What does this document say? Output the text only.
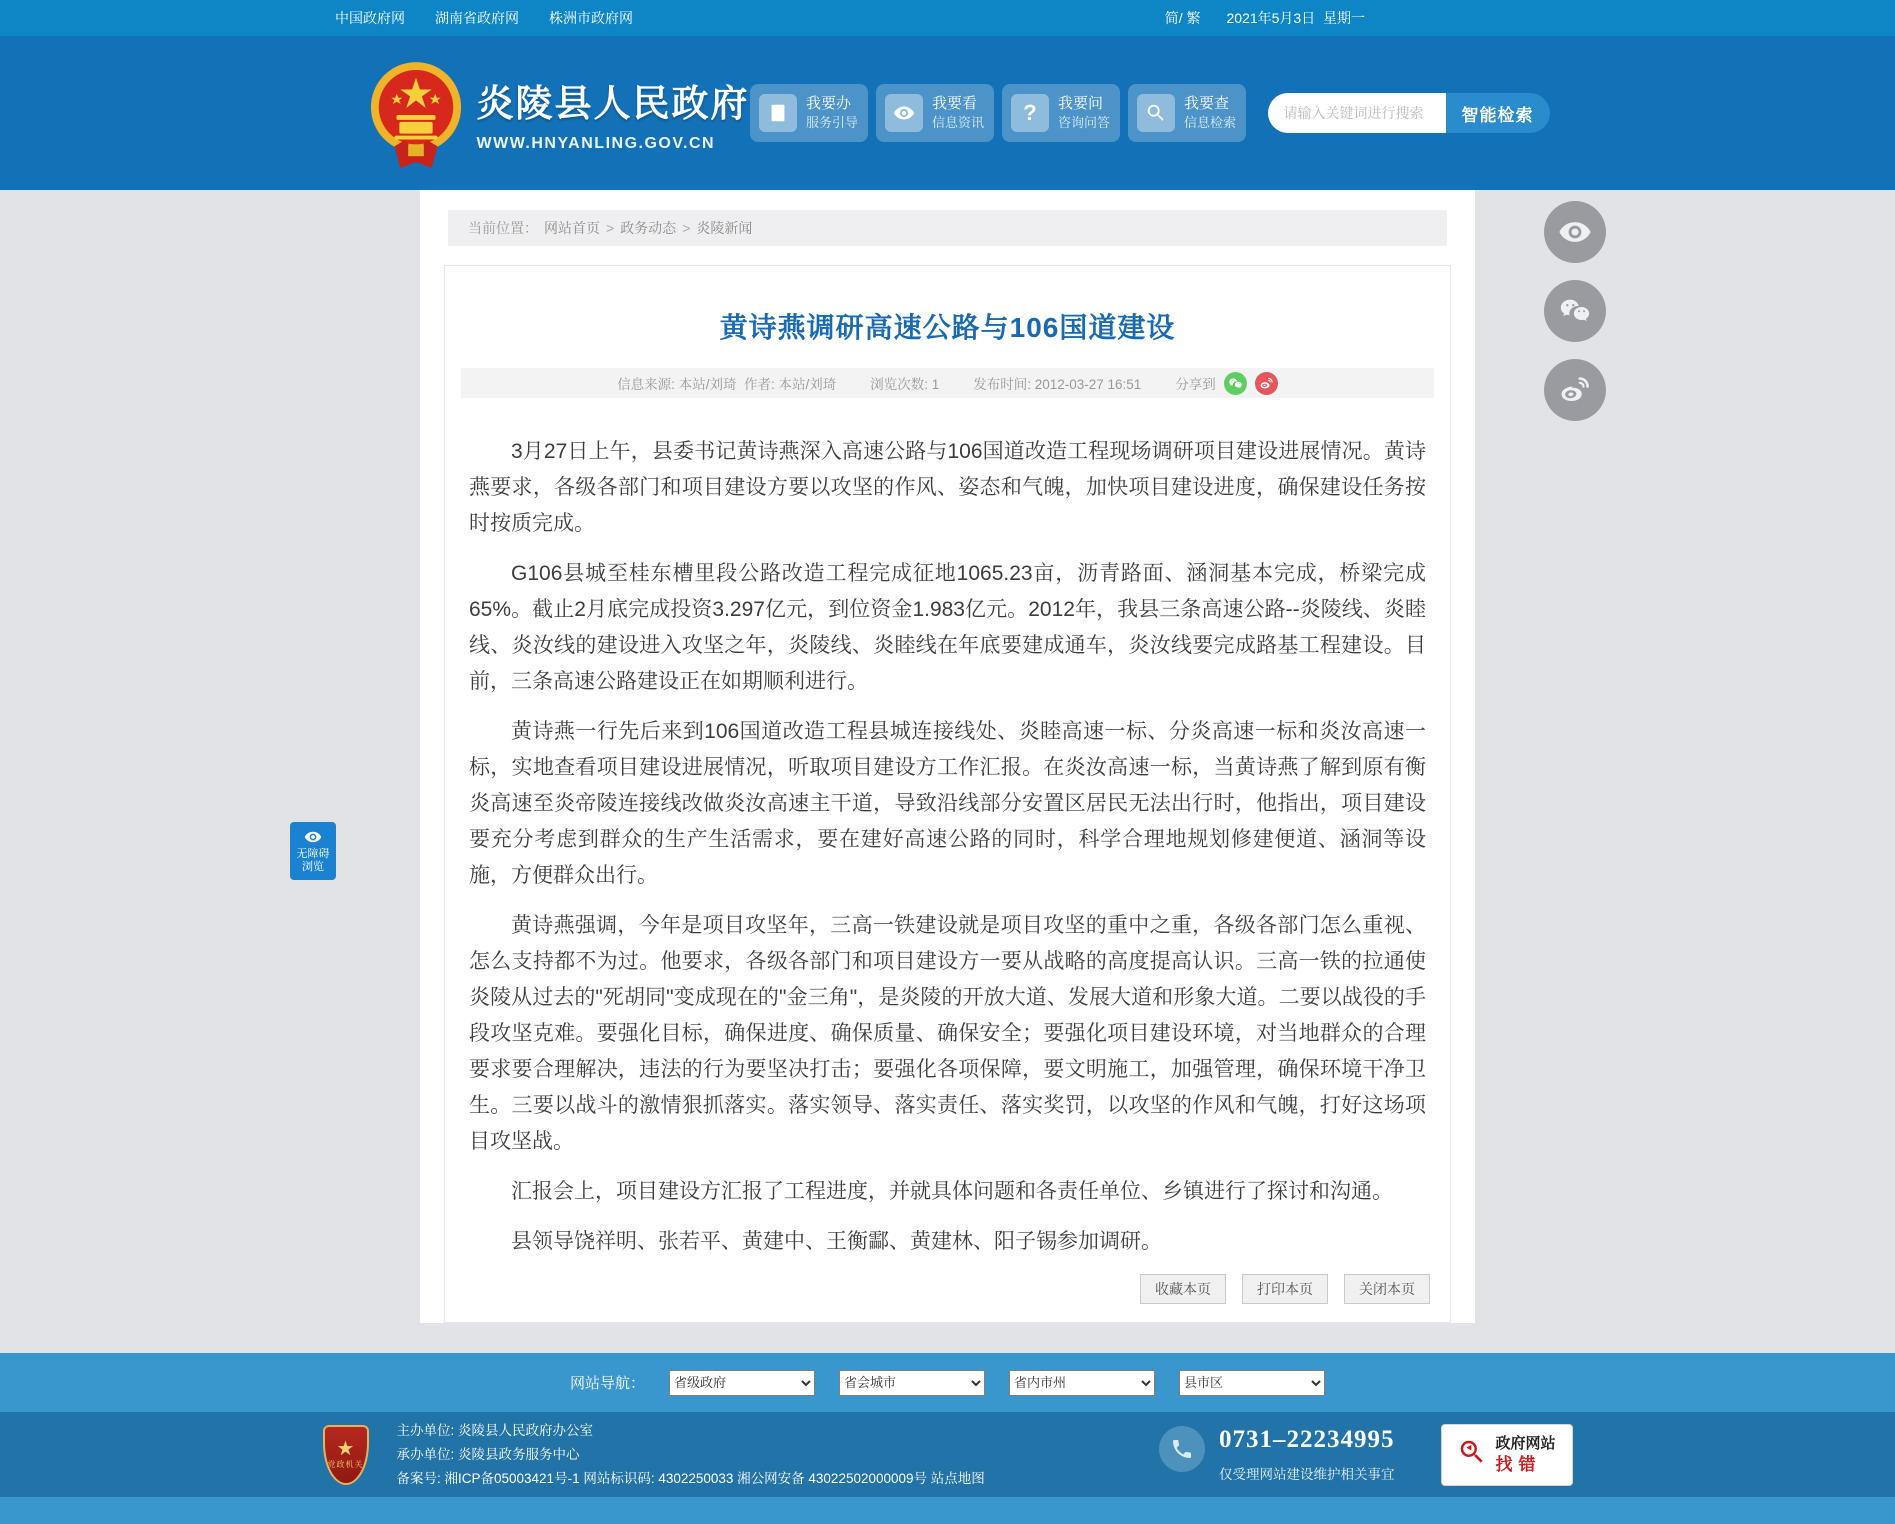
中国政府网 湖南省政府网 株洲市政府网	简/ 繁 2021年5月3日  星期一
炎陵县人民政府
WWW.HNYANLING.GOV.CN
我要办
服务引导
我要看
信息资讯 ? 我要问
咨询问答
我要查
信息检索
请输入关键词进行搜索	智能检索
当前位置： 网站首页 > 政务动态 > 炎陵新闻
黄诗燕调研高速公路与106国道建设
信息来源: 本站/刘琦  作者: 本站/刘琦	浏览次数: 1	发布时间: 2012-03-27 16:51	分享到

3月27日上午，县委书记黄诗燕深入高速公路与106国道改造工程现场调研项目建设进展情况。黄诗燕要求，各级各部门和项目建设方要以攻坚的作风、姿态和气魄，加快项目建设进度，确保建设任务按时按质完成。

G106县城至桂东槽里段公路改造工程完成征地1065.23亩，沥青路面、涵洞基本完成，桥梁完成65%。截止2月底完成投资3.297亿元，到位资金1.983亿元。2012年，我县三条高速公路--炎陵线、炎睦线、炎汝线的建设进入攻坚之年，炎陵线、炎睦线在年底要建成通车，炎汝线要完成路基工程建设。目前，三条高速公路建设正在如期顺利进行。

黄诗燕一行先后来到106国道改造工程县城连接线处、炎睦高速一标、分炎高速一标和炎汝高速一标，实地查看项目建设进展情况，听取项目建设方工作汇报。在炎汝高速一标，当黄诗燕了解到原有衡炎高速至炎帝陵连接线改做炎汝高速主干道，导致沿线部分安置区居民无法出行时，他指出，项目建设要充分考虑到群众的生产生活需求，要在建好高速公路的同时，科学合理地规划修建便道、涵洞等设施，方便群众出行。

黄诗燕强调，今年是项目攻坚年，三高一铁建设就是项目攻坚的重中之重，各级各部门怎么重视、怎么支持都不为过。他要求，各级各部门和项目建设方一要从战略的高度提高认识。三高一铁的拉通使炎陵从过去的"死胡同"变成现在的"金三角"，是炎陵的开放大道、发展大道和形象大道。二要以战役的手段攻坚克难。要强化目标，确保进度、确保质量、确保安全；要强化项目建设环境，对当地群众的合理要求要合理解决，违法的行为要坚决打击；要强化各项保障，要文明施工，加强管理，确保环境干净卫生。三要以战斗的激情狠抓落实。落实领导、落实责任、落实奖罚，以攻坚的作风和气魄，打好这场项目攻坚战。

汇报会上，项目建设方汇报了工程进度，并就具体问题和各责任单位、乡镇进行了探讨和沟通。

县领导饶祥明、张若平、黄建中、王衡酃、黄建林、阳子锡参加调研。

收藏本页	打印本页	关闭本页
网站导航：
省级政府
省会城市
省内市州
县市区
★
党政机关
主办单位: 炎陵县人民政府办公室
承办单位: 炎陵县政务服务中心
备案号: 湘ICP备05003421号-1 网站标识码: 4302250033 湘公网安备 43022502000009号 站点地图
0731–22234995
仅受理网站建设维护相关事宜
政府网站
找错
无障碍
浏览
